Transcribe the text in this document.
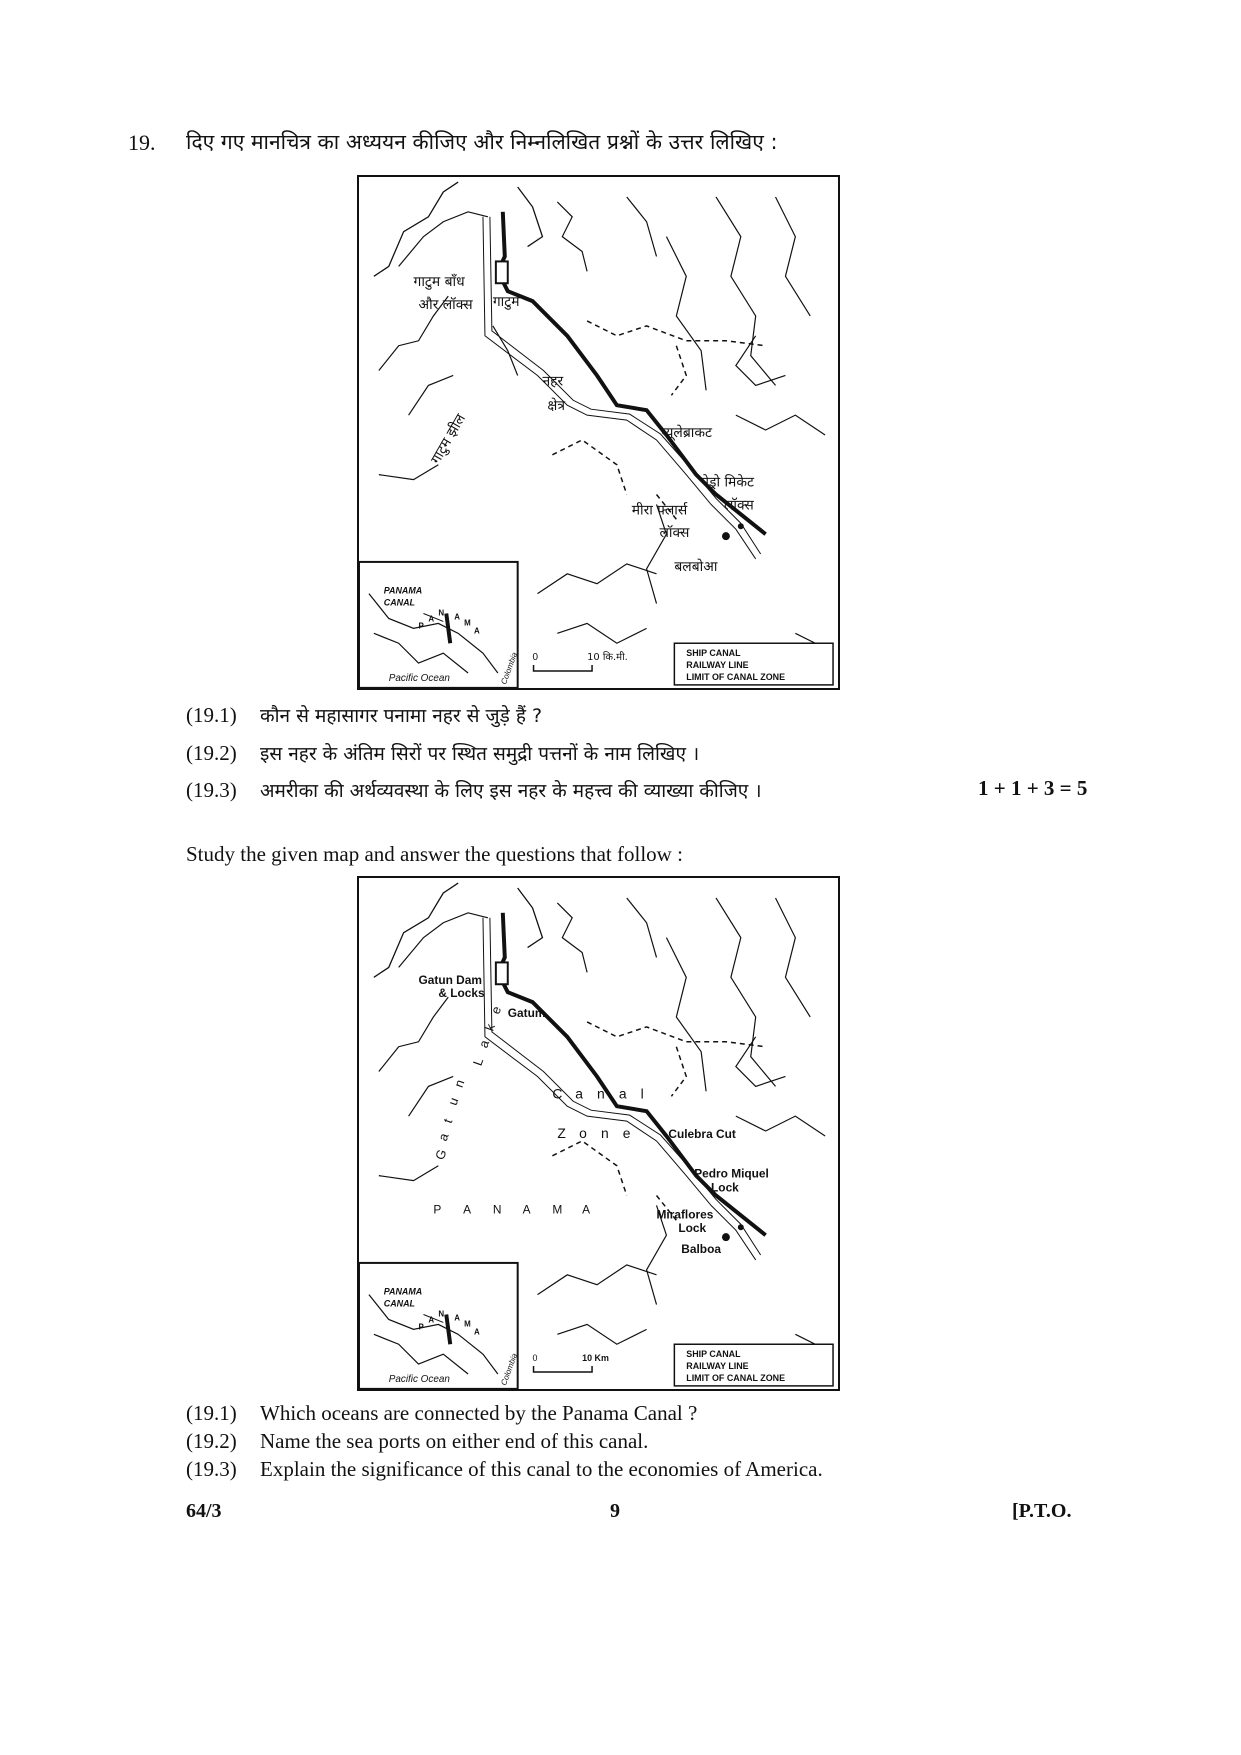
19. दिए गए मानचित्र का अध्ययन कीजिए और निम्नलिखित प्रश्नों के उत्तर लिखिए :
गाटुम बाँध
और लॉक्स गाटुम
नहर
क्षेत्र
गाटुम झील	ग्यूलेब्राकट
पेड्रो मिकेट
लॉक्स
मीरा फ्लार्स
लॉक्स
बलबोआ
0	10 कि.मी.	SHIP CANAL
RAILWAY LINE
LIMIT OF CANAL ZONE
PANAMA
CANAL
Pacific Ocean	Colombia
P
A
N A
M
A
(19.1) कौन से महासागर पनामा नहर से जुड़े हैं ?
(19.2) इस नहर के अंतिम सिरों पर स्थित समुद्री पत्तनों के नाम लिखिए ।
(19.3) अमरीका की अर्थव्यवस्था के लिए इस नहर के महत्त्व की व्याख्या कीजिए ।	1 + 1 + 3 = 5
Study the given map and answer the questions that follow :
Gatun Dam
& Locks
Gatum
C a n a l
Z o n e
G
a
t
u
n
L
a
k
e
P A N A M A
Culebra Cut
Pedro Miquel
Lock
Miraflores
Lock
Balboa
0	10 Km	SHIP CANAL
RAILWAY LINE
LIMIT OF CANAL ZONE
PANAMA
CANAL
Pacific Ocean	Colombia
P
A
N A
M
A
(19.1) Which oceans are connected by the Panama Canal ?
(19.2) Name the sea ports on either end of this canal.
(19.3) Explain the significance of this canal to the economies of America.
64/3	9	[P.T.O.
